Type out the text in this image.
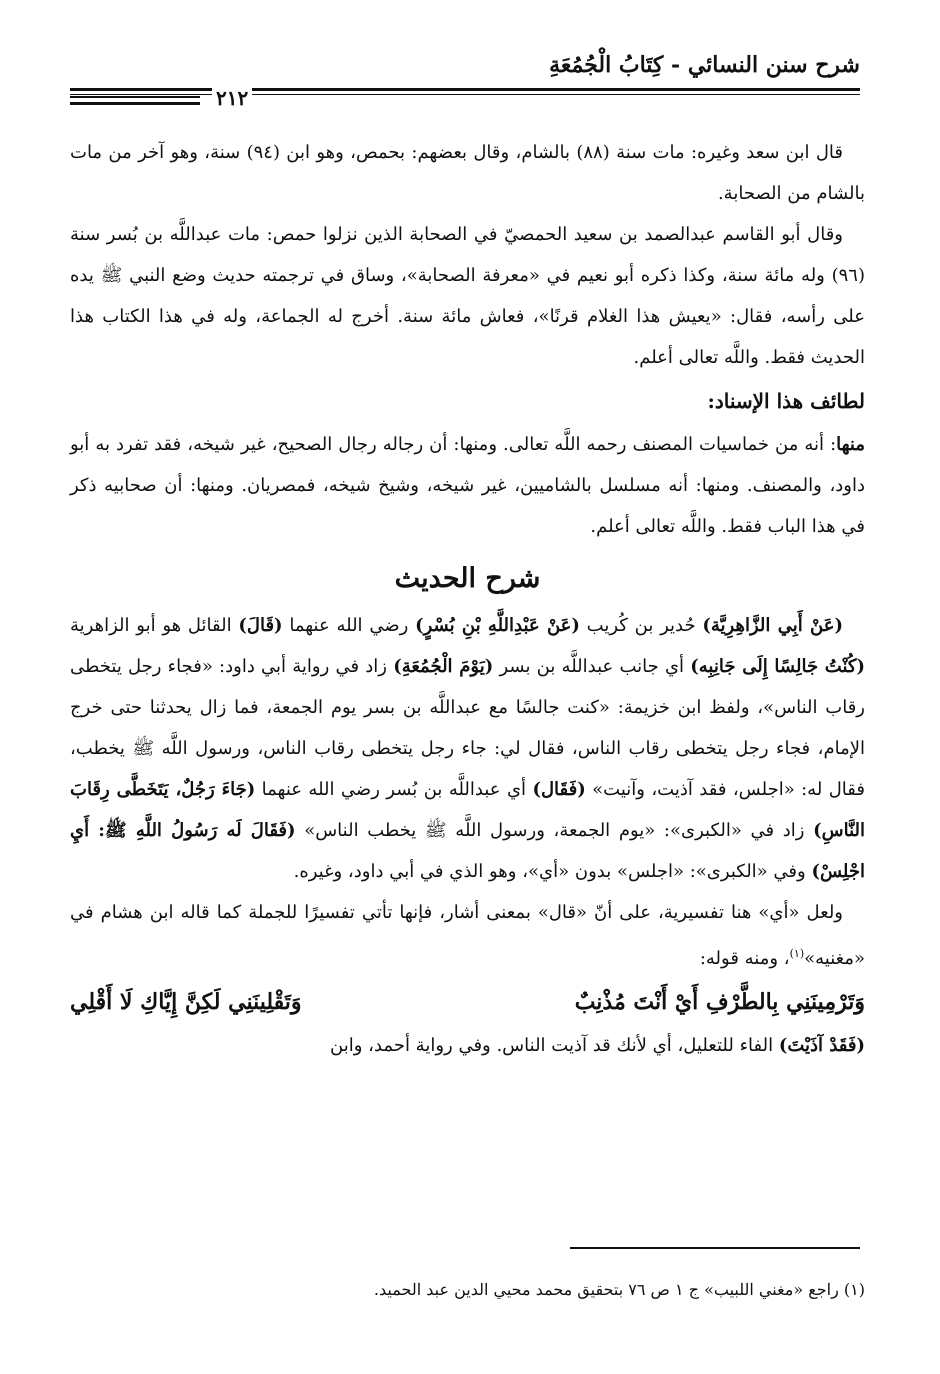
شرح سنن النسائي - كِتَابُ الْجُمُعَةِ
٢١٢

قال ابن سعد وغيره: مات سنة (٨٨) بالشام، وقال بعضهم: بحمص، وهو ابن (٩٤) سنة، وهو آخر من مات بالشام من الصحابة.

وقال أبو القاسم عبدالصمد بن سعيد الحمصيّ في الصحابة الذين نزلوا حمص: مات عبداللَّه بن بُسر سنة (٩٦) وله مائة سنة، وكذا ذكره أبو نعيم في «معرفة الصحابة»، وساق في ترجمته حديث وضع النبي ﷺ يده على رأسه، فقال: «يعيش هذا الغلام قرنًا»، فعاش مائة سنة. أخرج له الجماعة، وله في هذا الكتاب هذا الحديث فقط. واللَّه تعالى أعلم.

لطائف هذا الإسناد:

منها: أنه من خماسيات المصنف رحمه اللَّه تعالى. ومنها: أن رجاله رجال الصحيح، غير شيخه، فقد تفرد به أبو داود، والمصنف. ومنها: أنه مسلسل بالشاميين، غير شيخه، وشيخ شيخه، فمصريان. ومنها: أن صحابيه ذكر في هذا الباب فقط. واللَّه تعالى أعلم.

شرح الحديث

(عَنْ أَبِي الزَّاهِرِيَّة) حُدير بن كُريب (عَنْ عَبْدِاللَّهِ بْنِ بُسْرٍ) رضي الله عنهما (قَالَ) القائل هو أبو الزاهرية (كُنْتُ جَالِسًا إِلَى جَانِبِه) أي جانب عبداللَّه بن بسر (يَوْمَ الْجُمُعَةِ) زاد في رواية أبي داود: «فجاء رجل يتخطى رقاب الناس»، ولفظ ابن خزيمة: «كنت جالسًا مع عبداللَّه بن بسر يوم الجمعة، فما زال يحدثنا حتى خرج الإمام، فجاء رجل يتخطى رقاب الناس، فقال لي: جاء رجل يتخطى رقاب الناس، ورسول اللَّه ﷺ يخطب، فقال له: «اجلس، فقد آذيت، وآنيت» (فَقَال) أي عبداللَّه بن بُسر رضي الله عنهما (جَاءَ رَجُلٌ، يَتَخَطَّى رِقَابَ النَّاسِ) زاد في «الكبرى»: «يوم الجمعة، ورسول اللَّه ﷺ يخطب الناس» (فَقَالَ لَه رَسُولُ اللَّهِ ﷺ: أَيِ اجْلِسْ) وفي «الكبرى»: «اجلس» بدون «أي»، وهو الذي في أبي داود، وغيره.

ولعل «أي» هنا تفسيرية، على أنّ «قال» بمعنى أشار، فإنها تأتي تفسيرًا للجملة كما قاله ابن هشام في «مغنيه»$^{(١)}$، ومنه قوله:

وَتَرْمِينَنِي بِالطَّرْفِ أَيْ أَنْتَ مُذْنِبٌ
وَتَقْلِينَنِي لَكِنَّ إِيَّاكِ لَا أَقْلِي

(فَقَدْ آذَيْتَ) الفاء للتعليل، أي لأنك قد آذيت الناس. وفي رواية أحمد، وابن

(١) راجع «مغني اللبيب» ج ١ ص ٧٦ بتحقيق محمد محيي الدين عبد الحميد.
